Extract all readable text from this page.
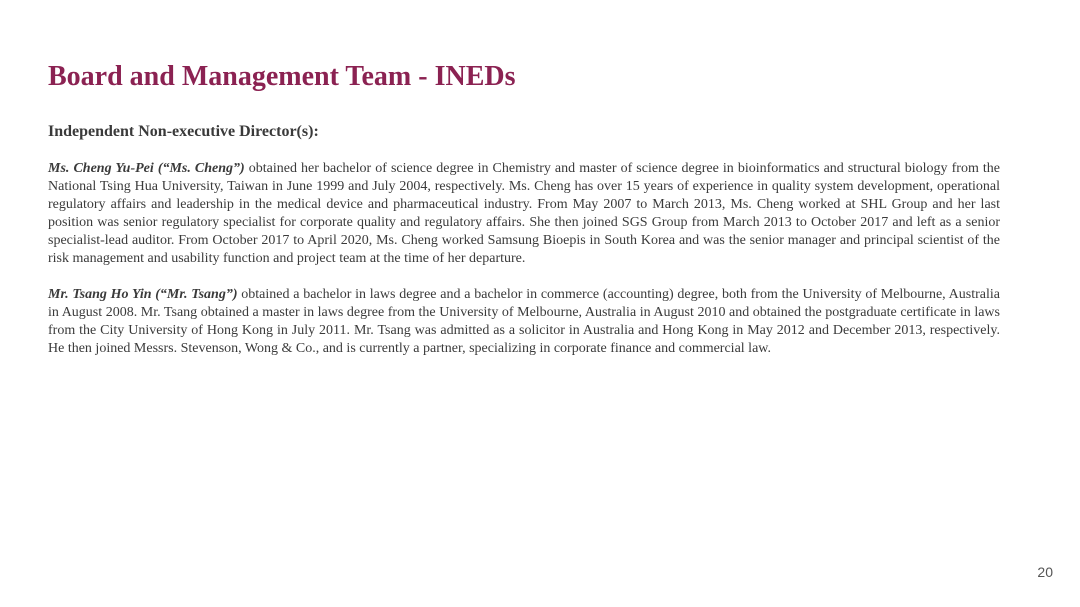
Board and Management Team - INEDs
Independent Non-executive Director(s):

Ms. Cheng Yu-Pei (“Ms. Cheng”) obtained her bachelor of science degree in Chemistry and master of science degree in bioinformatics and structural biology from the National Tsing Hua University, Taiwan in June 1999 and July 2004, respectively. Ms. Cheng has over 15 years of experience in quality system development, operational regulatory affairs and leadership in the medical device and pharmaceutical industry. From May 2007 to March 2013, Ms. Cheng worked at SHL Group and her last position was senior regulatory specialist for corporate quality and regulatory affairs. She then joined SGS Group from March 2013 to October 2017 and left as a senior specialist-lead auditor. From October 2017 to April 2020, Ms. Cheng worked Samsung Bioepis in South Korea and was the senior manager and principal scientist of the risk management and usability function and project team at the time of her departure.

Mr. Tsang Ho Yin (“Mr. Tsang”) obtained a bachelor in laws degree and a bachelor in commerce (accounting) degree, both from the University of Melbourne, Australia in August 2008. Mr. Tsang obtained a master in laws degree from the University of Melbourne, Australia in August 2010 and obtained the postgraduate certificate in laws from the City University of Hong Kong in July 2011. Mr. Tsang was admitted as a solicitor in Australia and Hong Kong in May 2012 and December 2013, respectively. He then joined Messrs. Stevenson, Wong & Co., and is currently a partner, specializing in corporate finance and commercial law.

20
